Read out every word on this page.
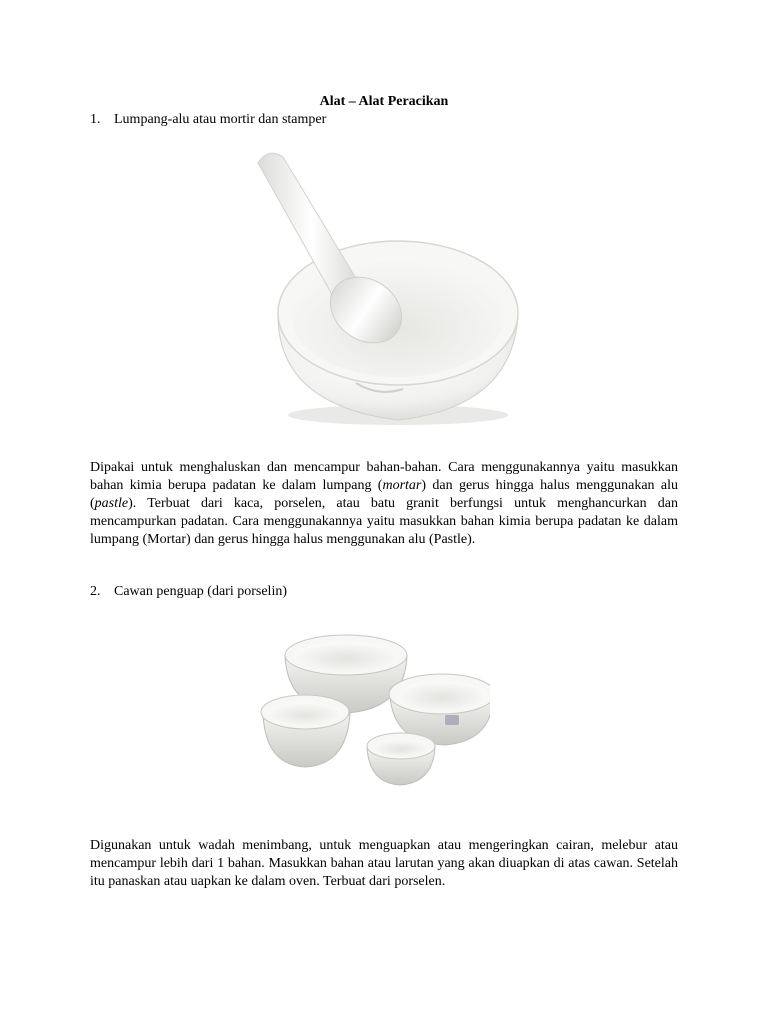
Alat – Alat Peracikan
1. Lumpang-alu atau mortir dan stamper
Dipakai untuk menghaluskan dan mencampur bahan-bahan. Cara menggunakannya yaitu masukkan bahan kimia berupa padatan ke dalam lumpang (mortar) dan gerus hingga halus menggunakan alu (pastle). Terbuat dari kaca, porselen, atau batu granit berfungsi untuk menghancurkan dan mencampurkan padatan. Cara menggunakannya yaitu masukkan bahan kimia berupa padatan ke dalam lumpang (Mortar) dan gerus hingga halus menggunakan alu (Pastle).
2. Cawan penguap (dari porselin)
Digunakan untuk wadah menimbang, untuk menguapkan atau mengeringkan cairan, melebur atau mencampur lebih dari 1 bahan. Masukkan bahan atau larutan yang akan diuapkan di atas cawan. Setelah itu panaskan atau uapkan ke dalam oven. Terbuat dari porselen.
